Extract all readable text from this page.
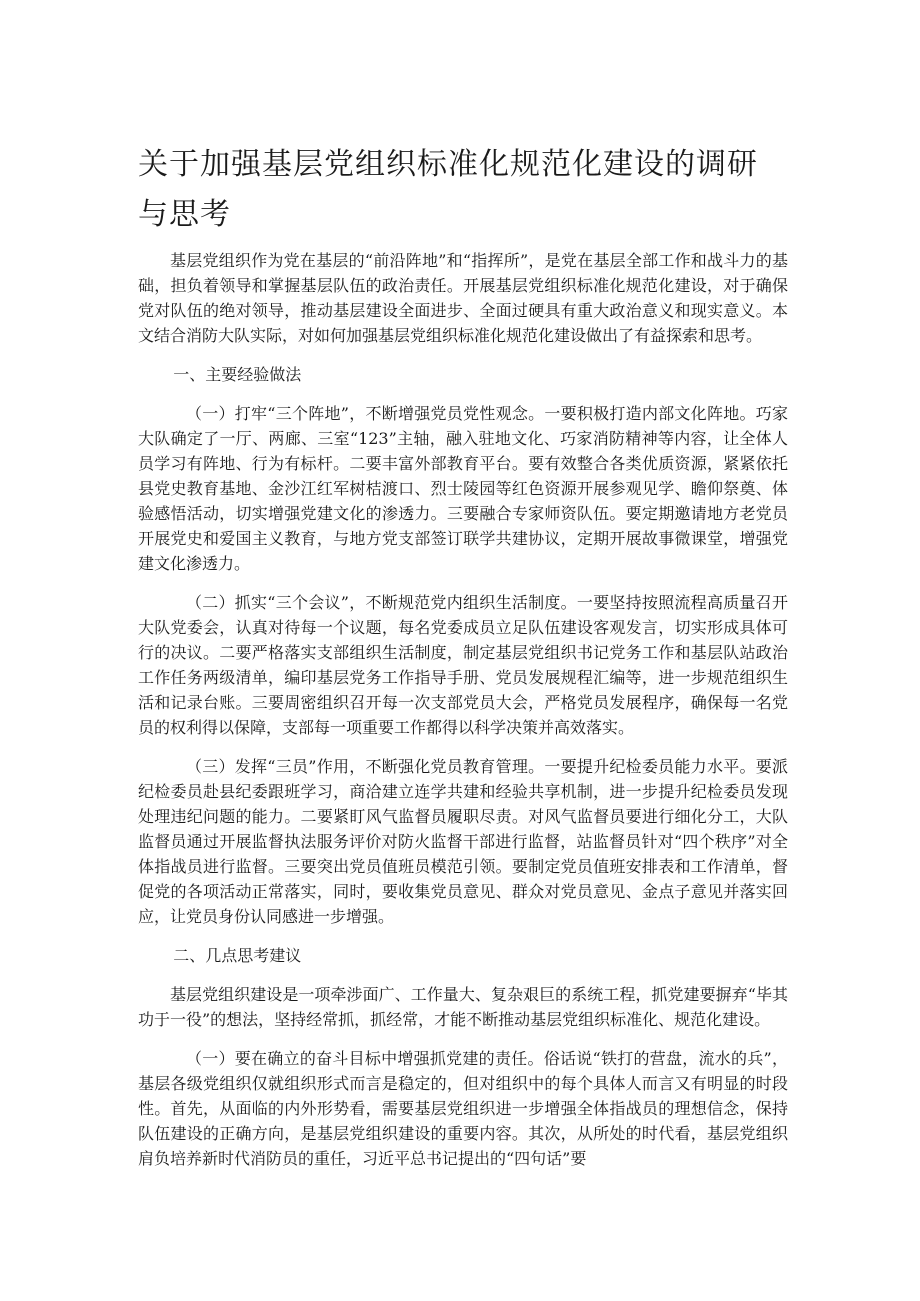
关于加强基层党组织标准化规范化建设的调研与思考

基层党组织作为党在基层的“前沿阵地”和“指挥所”，是党在基层全部工作和战斗力的基础，担负着领导和掌握基层队伍的政治责任。开展基层党组织标准化规范化建设，对于确保党对队伍的绝对领导，推动基层建设全面进步、全面过硬具有重大政治意义和现实意义。本文结合消防大队实际，对如何加强基层党组织标准化规范化建设做出了有益探索和思考。

一、主要经验做法

（一）打牢“三个阵地”，不断增强党员党性观念。一要积极打造内部文化阵地。巧家大队确定了一厅、两廊、三室“123”主轴，融入驻地文化、巧家消防精神等内容，让全体人员学习有阵地、行为有标杆。二要丰富外部教育平台。要有效整合各类优质资源，紧紧依托县党史教育基地、金沙江红军树桔渡口、烈士陵园等红色资源开展参观见学、瞻仰祭奠、体验感悟活动，切实增强党建文化的渗透力。三要融合专家师资队伍。要定期邀请地方老党员开展党史和爱国主义教育，与地方党支部签订联学共建协议，定期开展故事微课堂，增强党建文化渗透力。

（二）抓实“三个会议”，不断规范党内组织生活制度。一要坚持按照流程高质量召开大队党委会，认真对待每一个议题，每名党委成员立足队伍建设客观发言，切实形成具体可行的决议。二要严格落实支部组织生活制度，制定基层党组织书记党务工作和基层队站政治工作任务两级清单，编印基层党务工作指导手册、党员发展规程汇编等，进一步规范组织生活和记录台账。三要周密组织召开每一次支部党员大会，严格党员发展程序，确保每一名党员的权利得以保障，支部每一项重要工作都得以科学决策并高效落实。

（三）发挥“三员”作用，不断强化党员教育管理。一要提升纪检委员能力水平。要派纪检委员赴县纪委跟班学习，商洽建立连学共建和经验共享机制，进一步提升纪检委员发现处理违纪问题的能力。二要紧盯风气监督员履职尽责。对风气监督员要进行细化分工，大队监督员通过开展监督执法服务评价对防火监督干部进行监督，站监督员针对“四个秩序”对全体指战员进行监督。三要突出党员值班员模范引领。要制定党员值班安排表和工作清单，督促党的各项活动正常落实，同时，要收集党员意见、群众对党员意见、金点子意见并落实回应，让党员身份认同感进一步增强。

二、几点思考建议

基层党组织建设是一项牵涉面广、工作量大、复杂艰巨的系统工程，抓党建要摒弃“毕其功于一役”的想法，坚持经常抓，抓经常，才能不断推动基层党组织标准化、规范化建设。

（一）要在确立的奋斗目标中增强抓党建的责任。俗话说“铁打的营盘，流水的兵”，基层各级党组织仅就组织形式而言是稳定的，但对组织中的每个具体人而言又有明显的时段性。首先，从面临的内外形势看，需要基层党组织进一步增强全体指战员的理想信念，保持队伍建设的正确方向，是基层党组织建设的重要内容。其次，从所处的时代看，基层党组织肩负培养新时代消防员的重任，习近平总书记提出的“四句话”要
